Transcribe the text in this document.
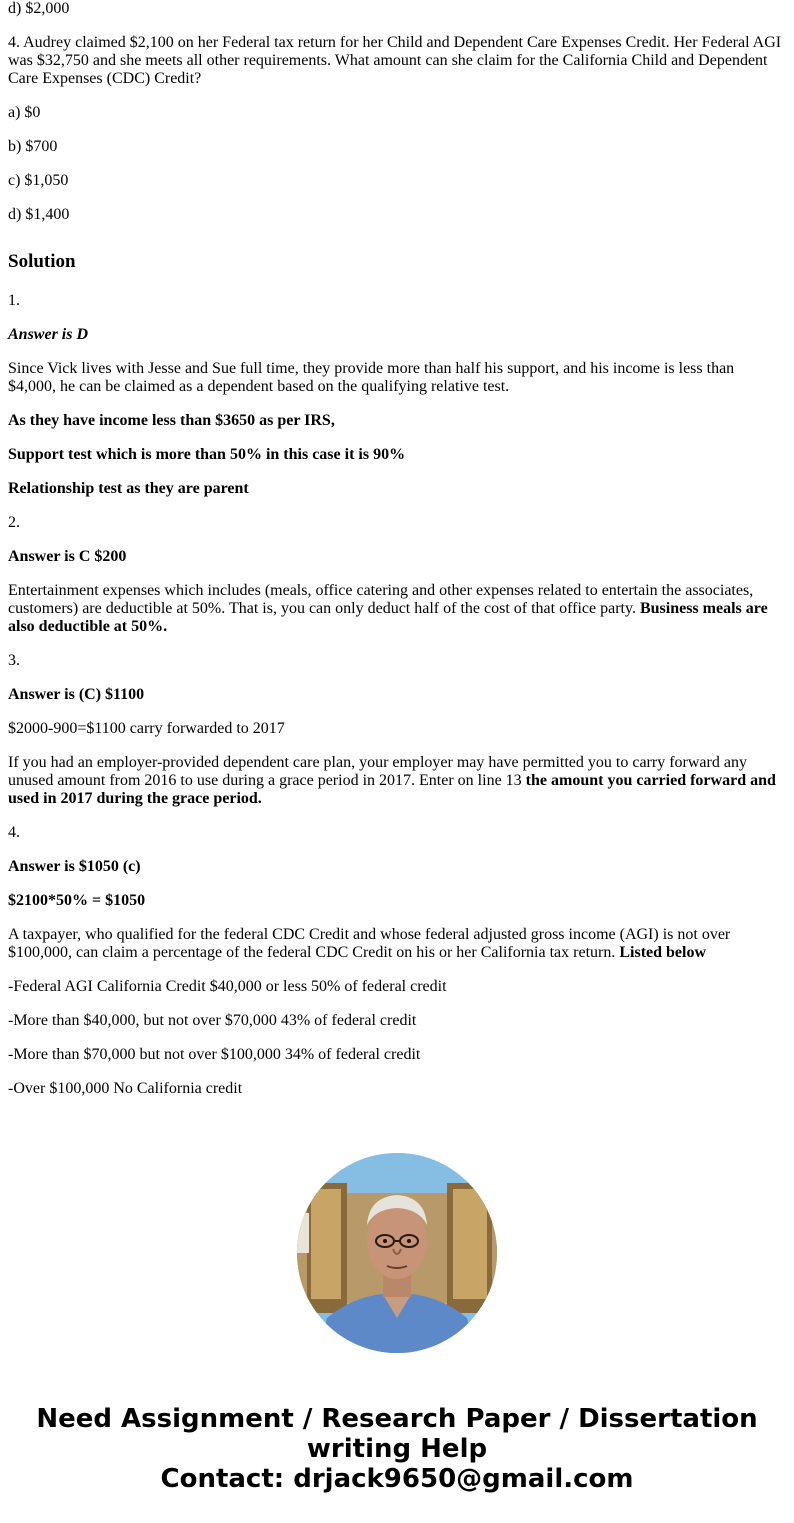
d) $2,000

4. Audrey claimed $2,100 on her Federal tax return for her Child and Dependent Care Expenses Credit. Her Federal AGI was $32,750 and she meets all other requirements. What amount can she claim for the California Child and Dependent Care Expenses (CDC) Credit?

a) $0

b) $700

c) $1,050

d) $1,400

Solution

1.

Answer is D

Since Vick lives with Jesse and Sue full time, they provide more than half his support, and his income is less than $4,000, he can be claimed as a dependent based on the qualifying relative test.

As they have income less than $3650 as per IRS,

Support test which is more than 50% in this case it is 90%

Relationship test as they are parent

2.

Answer is C $200

Entertainment expenses which includes (meals, office catering and other expenses related to entertain the associates, customers) are deductible at 50%. That is, you can only deduct half of the cost of that office party. Business meals are also deductible at 50%.

3.

Answer is (C) $1100

$2000-900=$1100 carry forwarded to 2017

If you had an employer-provided dependent care plan, your employer may have permitted you to carry forward any unused amount from 2016 to use during a grace period in 2017. Enter on line 13 the amount you carried forward and used in 2017 during the grace period.

4.

Answer is $1050 (c)

$2100*50% = $1050

A taxpayer, who qualified for the federal CDC Credit and whose federal adjusted gross income (AGI) is not over $100,000, can claim a percentage of the federal CDC Credit on his or her California tax return. Listed below

-Federal AGI California Credit $40,000 or less 50% of federal credit

-More than $40,000, but not over $70,000 43% of federal credit

-More than $70,000 but not over $100,000 34% of federal credit

-Over $100,000 No California credit

Need Assignment / Research Paper / Dissertation writing Help
Contact: drjack9650@gmail.com
